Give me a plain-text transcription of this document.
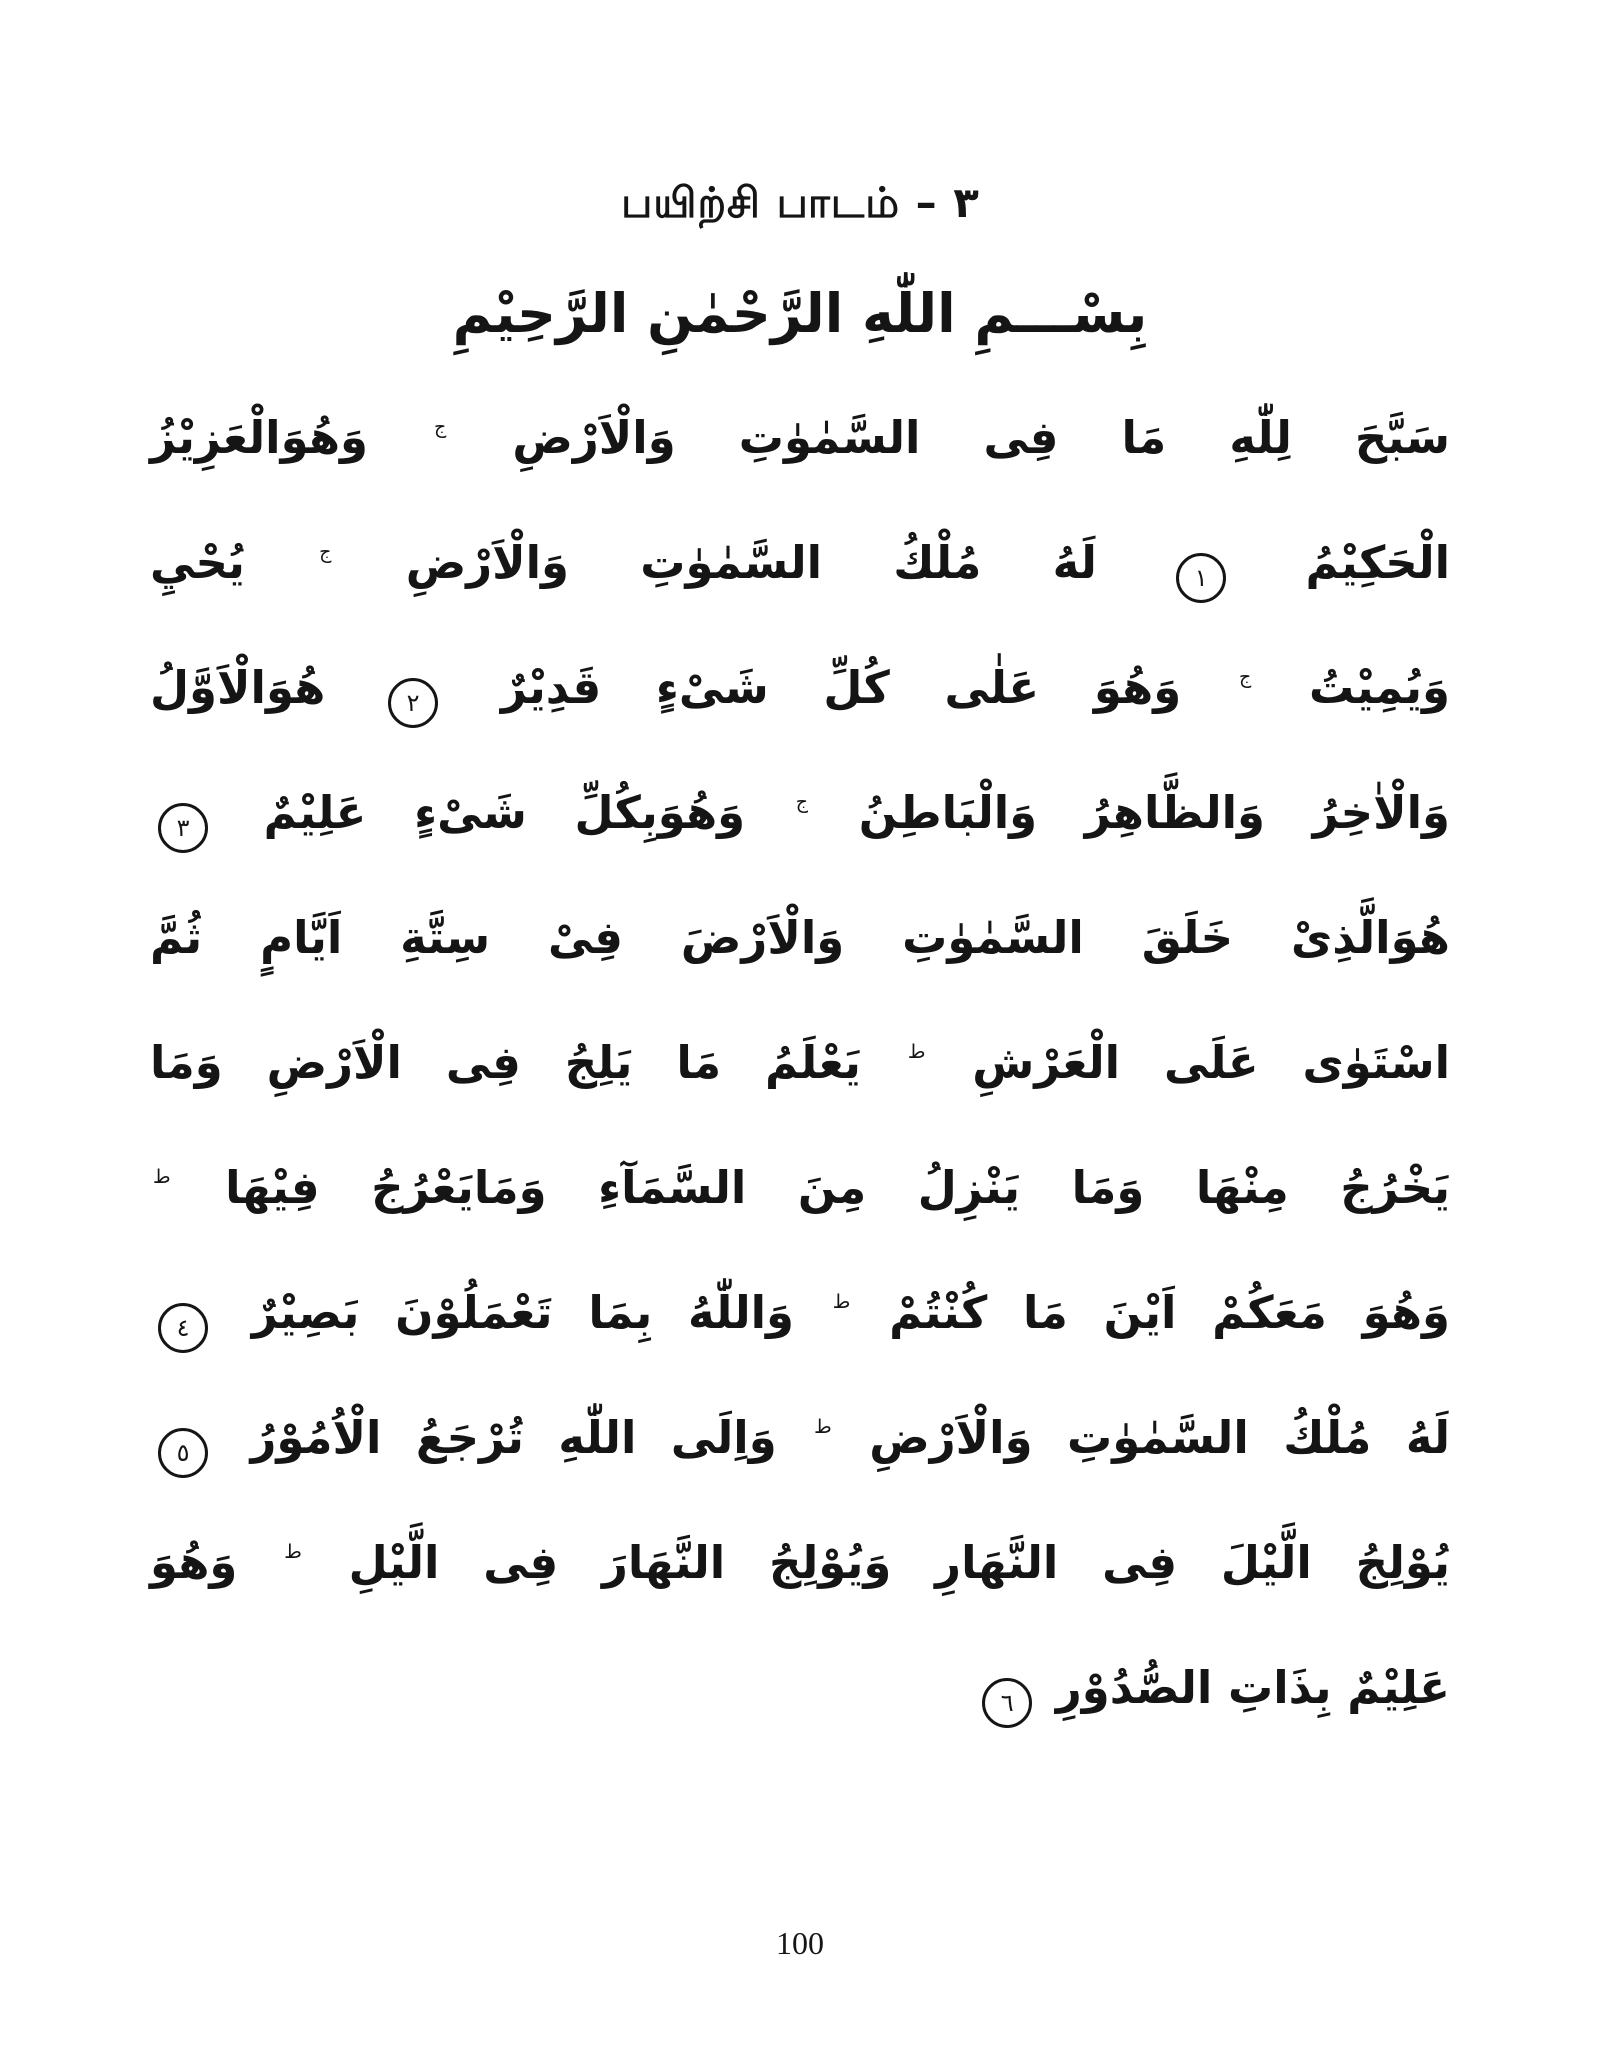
பயிற்சி பாடம் – ٣
بِسْـــمِ اللّٰهِ الرَّحْمٰنِ الرَّحِيْمِ
سَبَّحَ لِلّٰهِ مَا فِى السَّمٰوٰتِ وَالْاَرْضِ $^ج$ وَهُوَالْعَزِيْزُ
الْحَكِيْمُ ١ لَهُ مُلْكُ السَّمٰوٰتِ وَالْاَرْضِ $^ج$ يُحْيِ
وَيُمِيْتُ $^ج$ وَهُوَ عَلٰى كُلِّ شَىْءٍ قَدِيْرٌ ٢ هُوَالْاَوَّلُ
وَالْاٰخِرُ وَالظَّاهِرُ وَالْبَاطِنُ $^ج$ وَهُوَبِكُلِّ شَىْءٍ عَلِيْمٌ ٣
هُوَالَّذِىْ خَلَقَ السَّمٰوٰتِ وَالْاَرْضَ فِىْ سِتَّةِ اَيَّامٍ ثُمَّ
اسْتَوٰى عَلَى الْعَرْشِ $^ط$ يَعْلَمُ مَا يَلِجُ فِى الْاَرْضِ وَمَا
يَخْرُجُ مِنْهَا وَمَا يَنْزِلُ مِنَ السَّمَآءِ وَمَايَعْرُجُ فِيْهَا $^ط$
وَهُوَ مَعَكُمْ اَيْنَ مَا كُنْتُمْ $^ط$ وَاللّٰهُ بِمَا تَعْمَلُوْنَ بَصِيْرٌ ٤
لَهُ مُلْكُ السَّمٰوٰتِ وَالْاَرْضِ $^ط$ وَاِلَى اللّٰهِ تُرْجَعُ الْاُمُوْرُ ٥
يُوْلِجُ الَّيْلَ فِى النَّهَارِ وَيُوْلِجُ النَّهَارَ فِى الَّيْلِ $^ط$ وَهُوَ
عَلِيْمٌ بِذَاتِ الصُّدُوْرِ ٦
100
